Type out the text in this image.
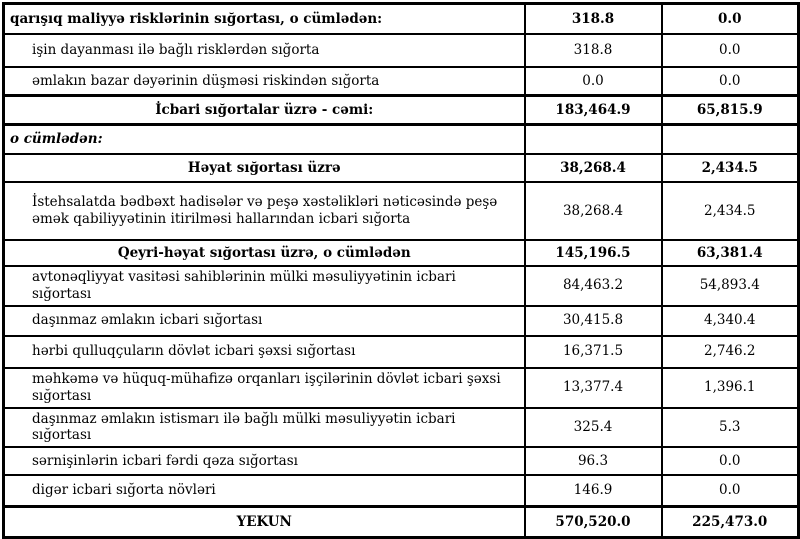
qarışıq maliyyə risklərinin sığortası, o cümlədən:	318.8	0.0
işin dayanması ilə bağlı risklərdən sığorta	318.8	0.0
əmlakın bazar dəyərinin düşməsi riskindən sığorta	0.0	0.0
İcbari sığortalar üzrə - cəmi:	183,464.9	65,815.9
o cümlədən:		
Həyat sığortası üzrə	38,268.4	2,434.5
İstehsalatda bədbəxt hadisələr və peşə xəstəlikləri nəticəsində peşə əmək qabiliyyətinin itirilməsi hallarından icbari sığorta	38,268.4	2,434.5
Qeyri-həyat sığortası üzrə, o cümlədən	145,196.5	63,381.4
avtonəqliyyat vasitəsi sahiblərinin mülki məsuliyyətinin icbari sığortası	84,463.2	54,893.4
daşınmaz əmlakın icbari sığortası	30,415.8	4,340.4
hərbi qulluqçuların dövlət icbari şəxsi sığortası	16,371.5	2,746.2
məhkəmə və hüquq-mühafizə orqanları işçilərinin dövlət icbari şəxsi sığortası	13,377.4	1,396.1
daşınmaz əmlakın istismarı ilə bağlı mülki məsuliyyətin icbari sığortası	325.4	5.3
sərnişinlərin icbari fərdi qəza sığortası	96.3	0.0
digər icbari sığorta növləri	146.9	0.0
YEKUN	570,520.0	225,473.0
